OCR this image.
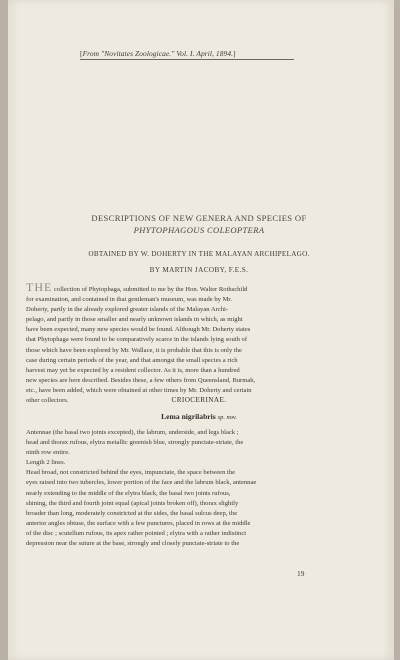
[From "Novitates Zoologicae." Vol. I. April, 1894.]
DESCRIPTIONS OF NEW GENERA AND SPECIES OF
PHYTOPHAGOUS COLEOPTERA
OBTAINED BY W. DOHERTY IN THE MALAYAN ARCHIPELAGO.
BY MARTIN JACOBY, F.E.S.
THE collection of Phytophaga, submitted to me by the Hon. Walter Rothschild
for examination, and contained in that gentleman's museum, was made by Mr.
Doherty, partly in the already explored greater islands of the Malayan Archi-
pelago, and partly in those smaller and nearly unknown islands in which, as might
have been expected, many new species would be found. Although Mr. Doherty states
that Phytophaga were found to be comparatively scarce in the islands lying south of
those which have been explored by Mr. Wallace, it is probable that this is only the
case during certain periods of the year, and that amongst the small species a rich
harvest may yet be expected by a resident collector. As it is, more than a hundred
new species are here described. Besides these, a few others from Queensland, Burmah,
etc., have been added, which were obtained at other times by Mr. Doherty and certain
other collectors.	CRIOCERINAE.
Lema nigrilabris sp. nov.
Antennae (the basal two joints excepted), the labrum, underside, and legs black ;
head and thorax rufous, elytra metallic greenish blue, strongly punctate-striate, the
ninth row entire.
Length 2 lines.
Head broad, not constricted behind the eyes, impunctate, the space between the
eyes raised into two tubercles, lower portion of the face and the labrum black, antennae
nearly extending to the middle of the elytra black, the basal two joints rufous,
shining, the third and fourth joint equal (apical joints broken off), thorax slightly
broader than long, moderately constricted at the sides, the basal sulcus deep, the
anterior angles obtuse, the surface with a few punctures, placed in rows at the middle
of the disc ; scutellum rufous, its apex rather pointed ; elytra with a rather indistinct
depression near the suture at the base, strongly and closely punctate-striate to the
19
